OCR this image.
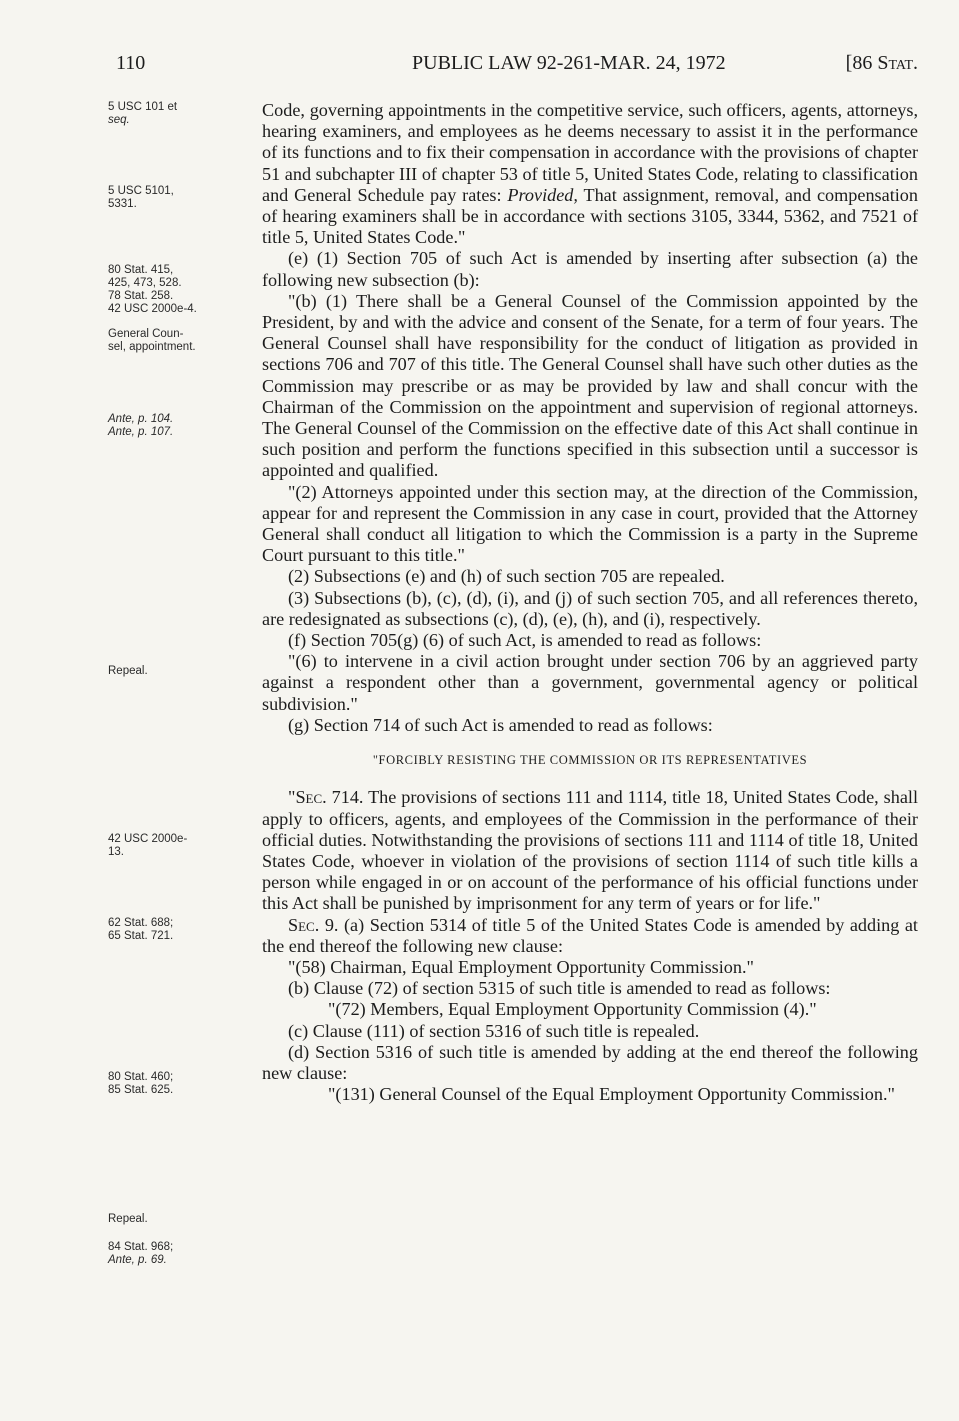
110	PUBLIC LAW 92-261-MAR. 24, 1972	[86 Stat.
5 USC 101 et
seq.
5 USC 5101,
5331.
80 Stat. 415,
425, 473, 528.
78 Stat. 258.
42 USC 2000e-4.
General Coun-
sel, appointment.
Ante, p. 104.
Ante, p. 107.
Repeal.
42 USC 2000e-
13.
62 Stat. 688;
65 Stat. 721.
80 Stat. 460;
85 Stat. 625.
Repeal.
84 Stat. 968;
Ante, p. 69.

Code, governing appointments in the competitive service, such officers, agents, attorneys, hearing examiners, and employees as he deems necessary to assist it in the performance of its functions and to fix their compensation in accordance with the provisions of chapter 51 and subchapter III of chapter 53 of title 5, United States Code, relating to classification and General Schedule pay rates: Provided, That assignment, removal, and compensation of hearing examiners shall be in accordance with sections 3105, 3344, 5362, and 7521 of title 5, United States Code."

(e) (1) Section 705 of such Act is amended by inserting after subsection (a) the following new subsection (b):

"(b) (1) There shall be a General Counsel of the Commission appointed by the President, by and with the advice and consent of the Senate, for a term of four years. The General Counsel shall have responsibility for the conduct of litigation as provided in sections 706 and 707 of this title. The General Counsel shall have such other duties as the Commission may prescribe or as may be provided by law and shall concur with the Chairman of the Commission on the appointment and supervision of regional attorneys. The General Counsel of the Commission on the effective date of this Act shall continue in such position and perform the functions specified in this subsection until a successor is appointed and qualified.

"(2) Attorneys appointed under this section may, at the direction of the Commission, appear for and represent the Commission in any case in court, provided that the Attorney General shall conduct all litigation to which the Commission is a party in the Supreme Court pursuant to this title."

(2) Subsections (e) and (h) of such section 705 are repealed.

(3) Subsections (b), (c), (d), (i), and (j) of such section 705, and all references thereto, are redesignated as subsections (c), (d), (e), (h), and (i), respectively.

(f) Section 705(g) (6) of such Act, is amended to read as follows:

"(6) to intervene in a civil action brought under section 706 by an aggrieved party against a respondent other than a government, governmental agency or political subdivision."

(g) Section 714 of such Act is amended to read as follows:

"FORCIBLY RESISTING THE COMMISSION OR ITS REPRESENTATIVES

"Sec. 714. The provisions of sections 111 and 1114, title 18, United States Code, shall apply to officers, agents, and employees of the Commission in the performance of their official duties. Notwithstanding the provisions of sections 111 and 1114 of title 18, United States Code, whoever in violation of the provisions of section 1114 of such title kills a person while engaged in or on account of the performance of his official functions under this Act shall be punished by imprisonment for any term of years or for life."

Sec. 9. (a) Section 5314 of title 5 of the United States Code is amended by adding at the end thereof the following new clause:

"(58) Chairman, Equal Employment Opportunity Commission."

(b) Clause (72) of section 5315 of such title is amended to read as follows:

"(72) Members, Equal Employment Opportunity Commission (4)."

(c) Clause (111) of section 5316 of such title is repealed.

(d) Section 5316 of such title is amended by adding at the end thereof the following new clause:

"(131) General Counsel of the Equal Employment Opportunity Commission."
